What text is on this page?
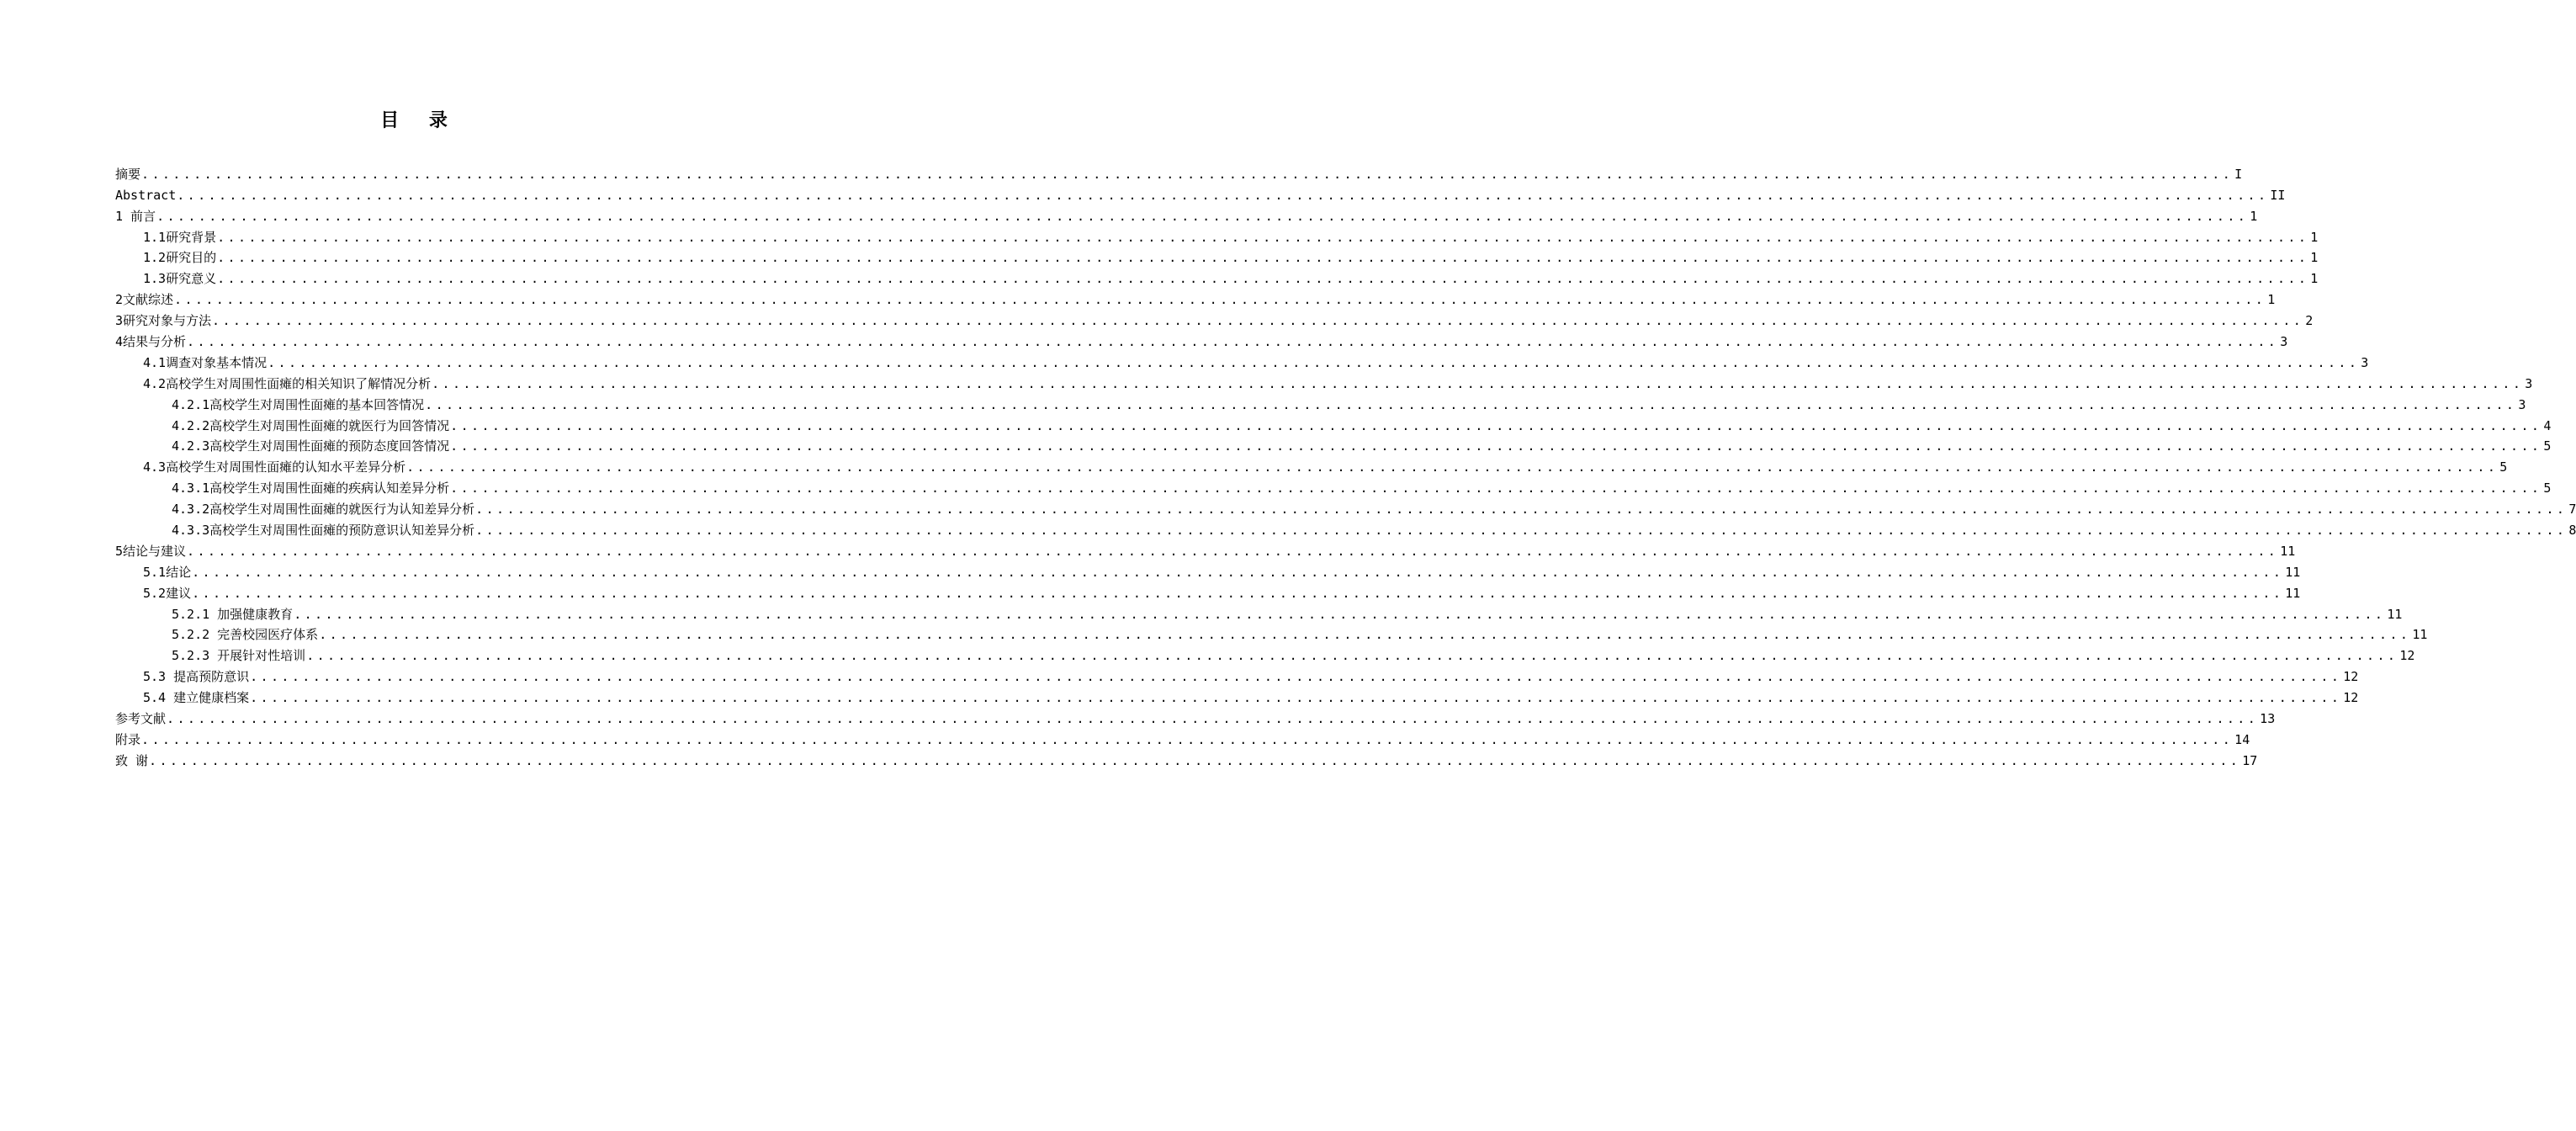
目 录
摘要 ........................................................................................................................................................................................................ I
Abstract ........................................................................................................................................................................................................ II
1 前言 ........................................................................................................................................................................................................ 1
1.1研究背景 ........................................................................................................................................................................................................ 1
1.2研究目的 ........................................................................................................................................................................................................ 1
1.3研究意义 ........................................................................................................................................................................................................ 1
2文献综述 ........................................................................................................................................................................................................ 1
3研究对象与方法 ........................................................................................................................................................................................................ 2
4结果与分析 ........................................................................................................................................................................................................ 3
4.1调查对象基本情况 ........................................................................................................................................................................................................ 3
4.2高校学生对周围性面瘫的相关知识了解情况分析 ........................................................................................................................................................................................................ 3
4.2.1高校学生对周围性面瘫的基本回答情况 ........................................................................................................................................................................................................ 3
4.2.2高校学生对周围性面瘫的就医行为回答情况 ........................................................................................................................................................................................................ 4
4.2.3高校学生对周围性面瘫的预防态度回答情况 ........................................................................................................................................................................................................ 5
4.3高校学生对周围性面瘫的认知水平差异分析 ........................................................................................................................................................................................................ 5
4.3.1高校学生对周围性面瘫的疾病认知差异分析 ........................................................................................................................................................................................................ 5
4.3.2高校学生对周围性面瘫的就医行为认知差异分析 ........................................................................................................................................................................................................ 7
4.3.3高校学生对周围性面瘫的预防意识认知差异分析 ........................................................................................................................................................................................................ 8
5结论与建议 ........................................................................................................................................................................................................ 11
5.1结论 ........................................................................................................................................................................................................ 11
5.2建议 ........................................................................................................................................................................................................ 11
5.2.1 加强健康教育 ........................................................................................................................................................................................................ 11
5.2.2 完善校园医疗体系 ........................................................................................................................................................................................................ 11
5.2.3 开展针对性培训 ........................................................................................................................................................................................................ 12
5.3 提高预防意识 ........................................................................................................................................................................................................ 12
5.4 建立健康档案 ........................................................................................................................................................................................................ 12
参考文献 ........................................................................................................................................................................................................ 13
附录 ........................................................................................................................................................................................................ 14
致 谢 ........................................................................................................................................................................................................ 17
